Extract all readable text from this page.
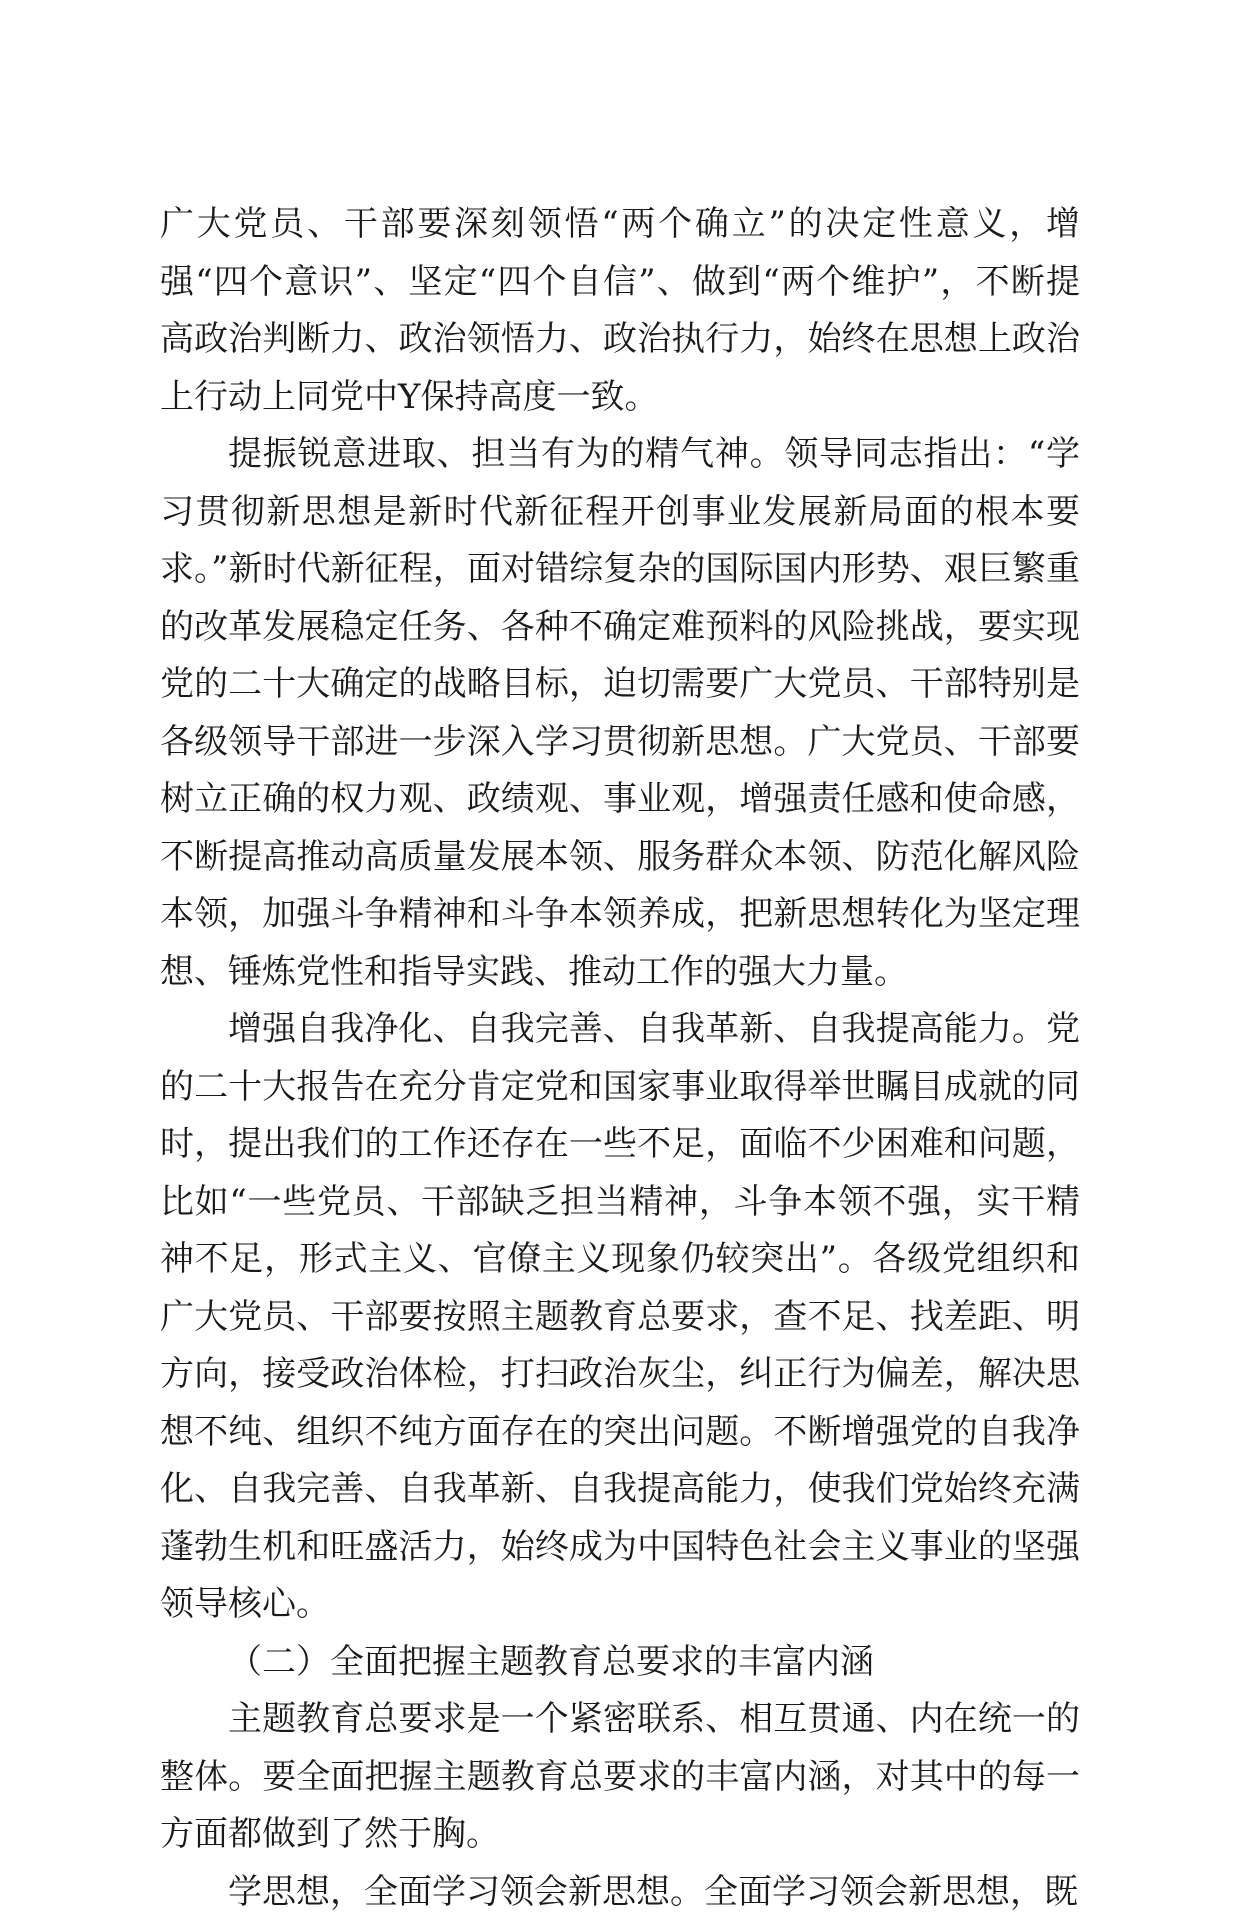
广大党员、干部要深刻领悟“两个确立”的决定性意义，增强“四个意识”、坚定“四个自信”、做到“两个维护”，不断提高政治判断力、政治领悟力、政治执行力，始终在思想上政治上行动上同党中Y保持高度一致。

提振锐意进取、担当有为的精气神。领导同志指出：“学习贯彻新思想是新时代新征程开创事业发展新局面的根本要求。”新时代新征程，面对错综复杂的国际国内形势、艰巨繁重的改革发展稳定任务、各种不确定难预料的风险挑战，要实现党的二十大确定的战略目标，迫切需要广大党员、干部特别是各级领导干部进一步深入学习贯彻新思想。广大党员、干部要树立正确的权力观、政绩观、事业观，增强责任感和使命感，不断提高推动高质量发展本领、服务群众本领、防范化解风险本领，加强斗争精神和斗争本领养成，把新思想转化为坚定理想、锤炼党性和指导实践、推动工作的强大力量。

增强自我净化、自我完善、自我革新、自我提高能力。党的二十大报告在充分肯定党和国家事业取得举世瞩目成就的同时，提出我们的工作还存在一些不足，面临不少困难和问题，比如“一些党员、干部缺乏担当精神，斗争本领不强，实干精神不足，形式主义、官僚主义现象仍较突出”。各级党组织和广大党员、干部要按照主题教育总要求，查不足、找差距、明方向，接受政治体检，打扫政治灰尘，纠正行为偏差，解决思想不纯、组织不纯方面存在的突出问题。不断增强党的自我净化、自我完善、自我革新、自我提高能力，使我们党始终充满蓬勃生机和旺盛活力，始终成为中国特色社会主义事业的坚强领导核心。

（二）全面把握主题教育总要求的丰富内涵

主题教育总要求是一个紧密联系、相互贯通、内在统一的整体。要全面把握主题教育总要求的丰富内涵，对其中的每一方面都做到了然于胸。

学思想，全面学习领会新思想。全面学习领会新思想，既
